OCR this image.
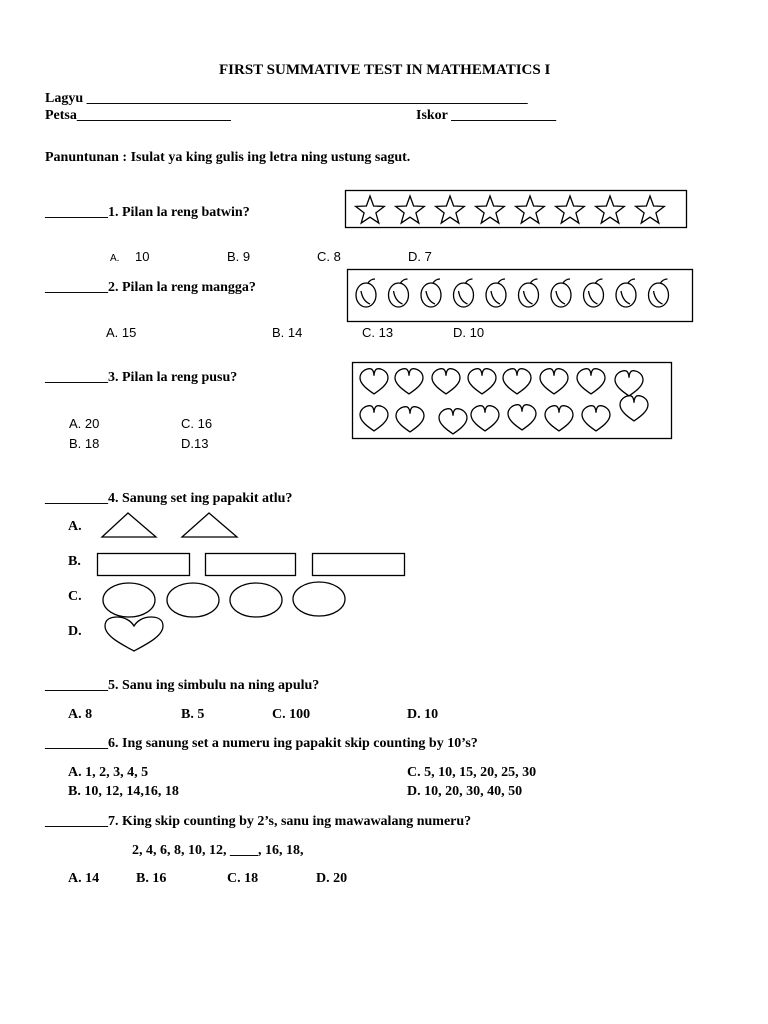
FIRST SUMMATIVE TEST IN MATHEMATICS I
Lagyu _______________________________________________________________
Petsa______________________	Iskor _______________
Panuntunan : Isulat ya king gulis ing letra ning ustung sagut.
_________1. Pilan la reng batwin?
A. 10	B. 9	C. 8	D. 7
_________2. Pilan la reng mangga?
A. 15	B. 14	C. 13	D. 10
_________3. Pilan la reng pusu?
A. 20	C. 16
B. 18	D.13
_________4. Sanung set ing papakit atlu?
A.
B.
C.
D.
_________5. Sanu ing simbulu na ning apulu?
A. 8	B. 5	C. 100	D. 10
_________6. Ing sanung set a numeru ing papakit skip counting by 10’s?
A. 1, 2, 3, 4, 5	C. 5, 10, 15, 20, 25, 30
B. 10, 12, 14,16, 18	D. 10, 20, 30, 40, 50
_________7. King skip counting by 2’s, sanu ing mawawalang numeru?
2, 4, 6, 8, 10, 12, ____, 16, 18,
A. 14	B. 16	C. 18	D. 20
